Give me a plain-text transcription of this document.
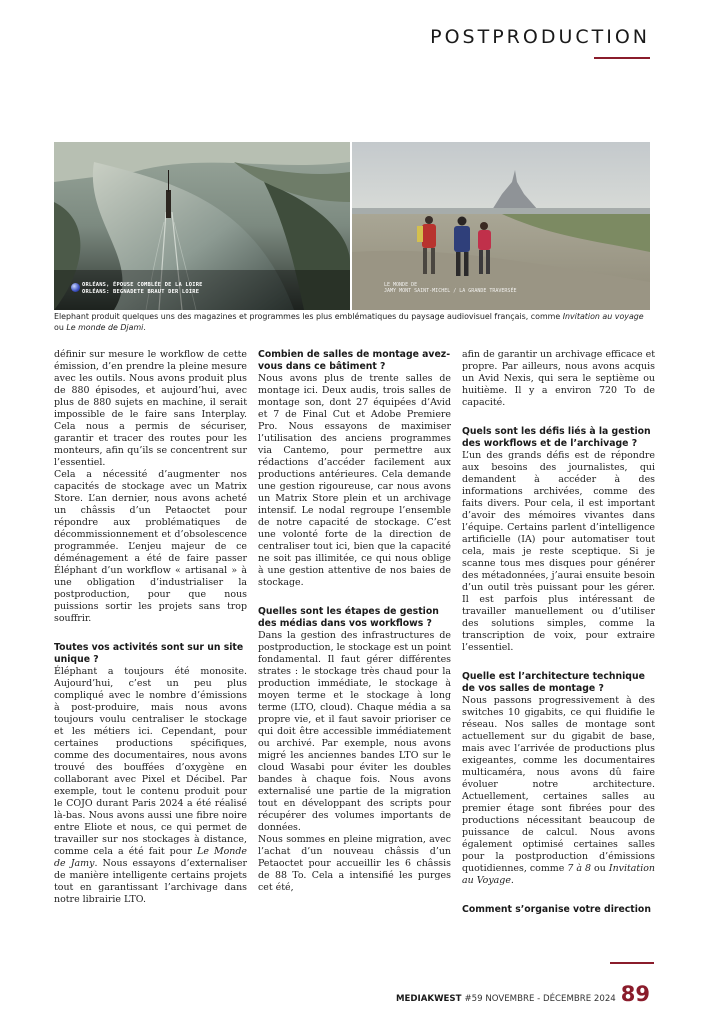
POSTPRODUCTION
ORLÉANS, ÉPOUSE COMBLÉE DE LA LOIRE
ORLÉANS: BEGNADETE BRAUT DER LOIRE
LE MONDE DE
JAMY MONT SAINT-MICHEL / LA GRANDE TRAVERSÉE
Elephant produit quelques uns des magazines et programmes les plus emblématiques du paysage audiovisuel français, comme Invitation au voyage ou Le monde de Djami.

définir sur mesure le workflow de cette émission, d’en prendre la pleine mesure avec les outils. Nous avons produit plus de 880 épisodes, et aujourd’hui, avec plus de 880 sujets en machine, il serait impossible de le faire sans Interplay. Cela nous a permis de sécuriser, garantir et tracer des routes pour les monteurs, afin qu’ils se concentrent sur l’essentiel.

Cela a nécessité d’augmenter nos capacités de stockage avec un Matrix Store. L’an dernier, nous avons acheté un châssis d’un Petaoctet pour répondre aux problématiques de décommissionnement et d’obsolescence programmée. L’enjeu majeur de ce déménagement a été de faire passer Éléphant d’un workflow « artisanal » à une obligation d’industrialiser la postproduction, pour que nous puissions sortir les projets sans trop souffrir.

Toutes vos activités sont sur un site unique ?

Éléphant a toujours été monosite. Aujourd’hui, c’est un peu plus compliqué avec le nombre d’émissions à post-produire, mais nous avons toujours voulu centraliser le stockage et les métiers ici. Cependant, pour certaines productions spécifiques, comme des documentaires, nous avons trouvé des bouffées d’oxygène en collaborant avec Pixel et Décibel. Par exemple, tout le contenu produit pour le COJO durant Paris 2024 a été réalisé là-bas. Nous avons aussi une fibre noire entre Eliote et nous, ce qui permet de travailler sur nos stockages à distance, comme cela a été fait pour Le Monde de Jamy. Nous essayons d’externaliser de manière intelligente certains projets tout en garantissant l’archivage dans notre librairie LTO.

Combien de salles de montage avez-vous dans ce bâtiment ?

Nous avons plus de trente salles de montage ici. Deux audis, trois salles de montage son, dont 27 équipées d’Avid et 7 de Final Cut et Adobe Premiere Pro. Nous essayons de maximiser l’utilisation des anciens programmes via Cantemo, pour permettre aux rédactions d’accéder facilement aux productions antérieures. Cela demande une gestion rigoureuse, car nous avons un Matrix Store plein et un archivage intensif. Le nodal regroupe l’ensemble de notre capacité de stockage. C’est une volonté forte de la direction de centraliser tout ici, bien que la capacité ne soit pas illimitée, ce qui nous oblige à une gestion attentive de nos baies de stockage.

Quelles sont les étapes de gestion des médias dans vos workflows ?

Dans la gestion des infrastructures de postproduction, le stockage est un point fondamental. Il faut gérer différentes strates : le stockage très chaud pour la production immédiate, le stockage à moyen terme et le stockage à long terme (LTO, cloud). Chaque média a sa propre vie, et il faut savoir prioriser ce qui doit être accessible immédiatement ou archivé. Par exemple, nous avons migré les anciennes bandes LTO sur le cloud Wasabi pour éviter les doubles bandes à chaque fois. Nous avons externalisé une partie de la migration tout en développant des scripts pour récupérer des volumes importants de données.

Nous sommes en pleine migration, avec l’achat d’un nouveau châssis d’un Petaoctet pour accueillir les 6 châssis de 88 To. Cela a intensifié les purges cet été,

afin de garantir un archivage efficace et propre. Par ailleurs, nous avons acquis un Avid Nexis, qui sera le septième ou huitième. Il y a environ 720 To de capacité.

Quels sont les défis liés à la gestion des workflows et de l’archivage ?

L’un des grands défis est de répondre aux besoins des journalistes, qui demandent à accéder à des informations archivées, comme des faits divers. Pour cela, il est important d’avoir des mémoires vivantes dans l’équipe. Certains parlent d’intelligence artificielle (IA) pour automatiser tout cela, mais je reste sceptique. Si je scanne tous mes disques pour générer des métadonnées, j’aurai ensuite besoin d’un outil très puissant pour les gérer. Il est parfois plus intéressant de travailler manuellement ou d’utiliser des solutions simples, comme la transcription de voix, pour extraire l’essentiel.

Quelle est l’architecture technique de vos salles de montage ?

Nous passons progressivement à des switches 10 gigabits, ce qui fluidifie le réseau. Nos salles de montage sont actuellement sur du gigabit de base, mais avec l’arrivée de productions plus exigeantes, comme les documentaires multicaméra, nous avons dû faire évoluer notre architecture. Actuellement, certaines salles au premier étage sont fibrées pour des productions nécessitant beaucoup de puissance de calcul. Nous avons également optimisé certaines salles pour la postproduction d’émissions quotidiennes, comme 7 à 8 ou Invitation au Voyage.

Comment s’organise votre direction
MEDIAKWEST #59 NOVEMBRE - DÉCEMBRE 2024 89
